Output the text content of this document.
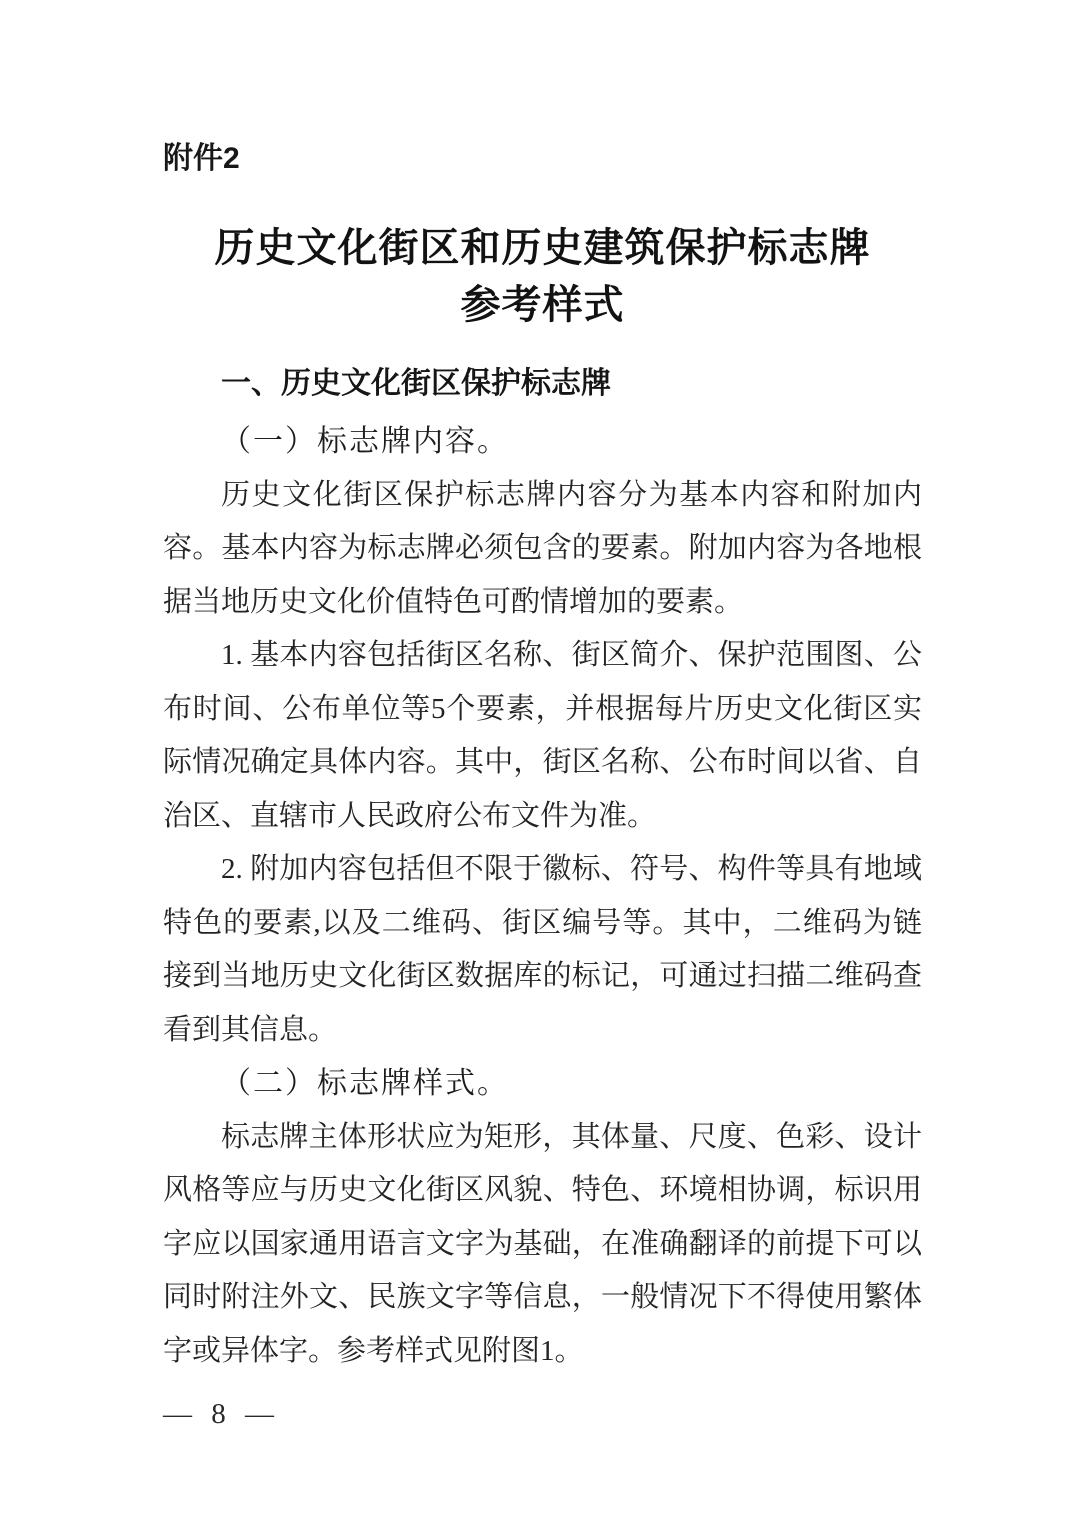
附件2
历史文化街区和历史建筑保护标志牌
参考样式
一、历史文化街区保护标志牌
（一）标志牌内容。
历史文化街区保护标志牌内容分为基本内容和附加内
容。基本内容为标志牌必须包含的要素。附加内容为各地根
据当地历史文化价值特色可酌情增加的要素。
1. 基本内容包括街区名称、街区简介、保护范围图、公
布时间、公布单位等5个要素，并根据每片历史文化街区实
际情况确定具体内容。其中，街区名称、公布时间以省、自
治区、直辖市人民政府公布文件为准。
2. 附加内容包括但不限于徽标、符号、构件等具有地域
特色的要素,以及二维码、街区编号等。其中，二维码为链
接到当地历史文化街区数据库的标记，可通过扫描二维码查
看到其信息。
（二）标志牌样式。
标志牌主体形状应为矩形，其体量、尺度、色彩、设计
风格等应与历史文化街区风貌、特色、环境相协调，标识用
字应以国家通用语言文字为基础，在准确翻译的前提下可以
同时附注外文、民族文字等信息，一般情况下不得使用繁体
字或异体字。参考样式见附图1。
— 8 —
